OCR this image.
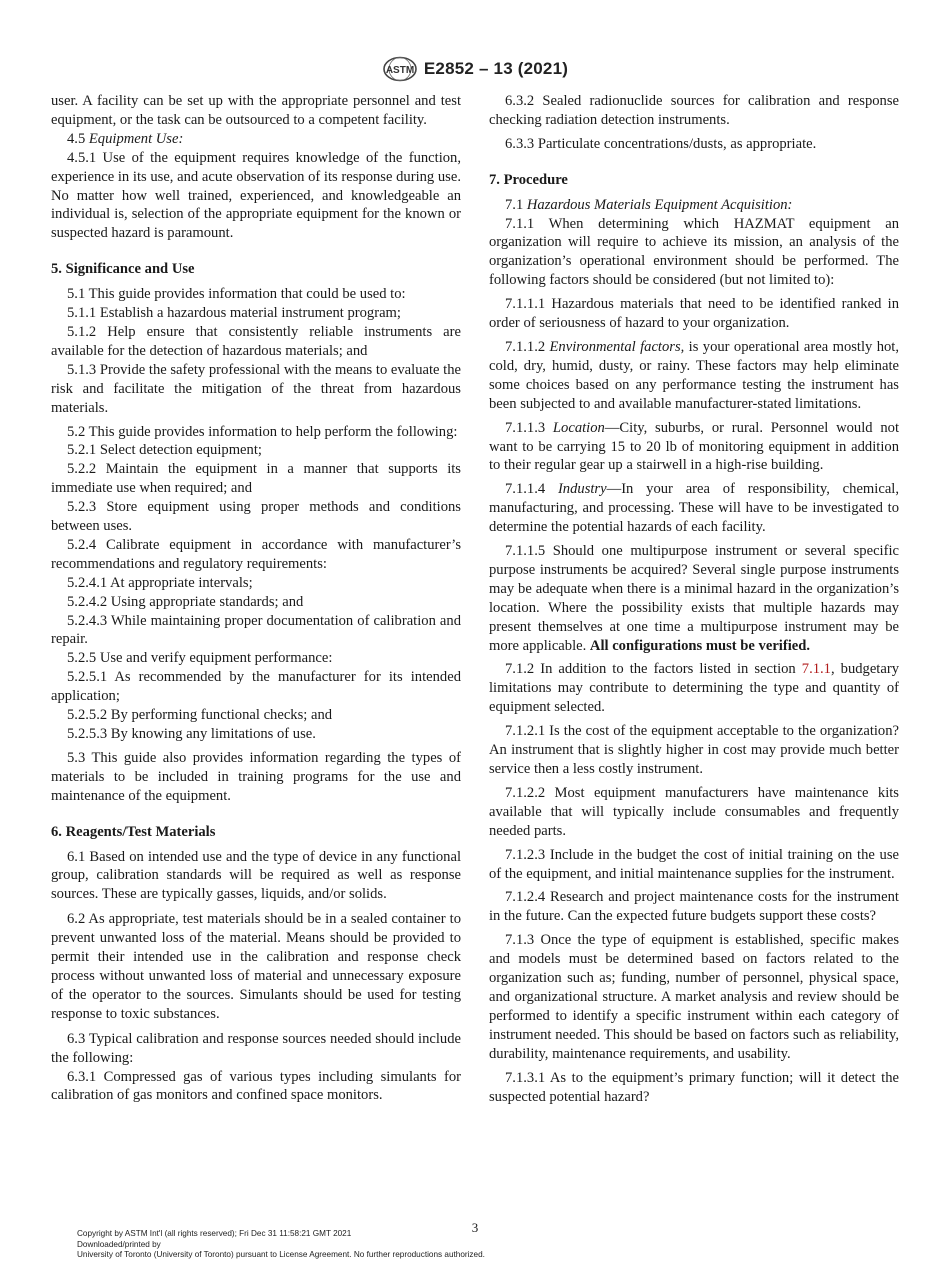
ASTM E2852 – 13 (2021)

user. A facility can be set up with the appropriate personnel and test equipment, or the task can be outsourced to a competent facility.

4.5 Equipment Use:

4.5.1 Use of the equipment requires knowledge of the function, experience in its use, and acute observation of its response during use. No matter how well trained, experienced, and knowledgeable an individual is, selection of the appropriate equipment for the known or suspected hazard is paramount.

5. Significance and Use

5.1 This guide provides information that could be used to:

5.1.1 Establish a hazardous material instrument program;

5.1.2 Help ensure that consistently reliable instruments are available for the detection of hazardous materials; and

5.1.3 Provide the safety professional with the means to evaluate the risk and facilitate the mitigation of the threat from hazardous materials.

5.2 This guide provides information to help perform the following:

5.2.1 Select detection equipment;

5.2.2 Maintain the equipment in a manner that supports its immediate use when required; and

5.2.3 Store equipment using proper methods and conditions between uses.

5.2.4 Calibrate equipment in accordance with manufacturer’s recommendations and regulatory requirements:

5.2.4.1 At appropriate intervals;

5.2.4.2 Using appropriate standards; and

5.2.4.3 While maintaining proper documentation of calibration and repair.

5.2.5 Use and verify equipment performance:

5.2.5.1 As recommended by the manufacturer for its intended application;

5.2.5.2 By performing functional checks; and

5.2.5.3 By knowing any limitations of use.

5.3 This guide also provides information regarding the types of materials to be included in training programs for the use and maintenance of the equipment.

6. Reagents/Test Materials

6.1 Based on intended use and the type of device in any functional group, calibration standards will be required as well as response sources. These are typically gasses, liquids, and/or solids.

6.2 As appropriate, test materials should be in a sealed container to prevent unwanted loss of the material. Means should be provided to permit their intended use in the calibration and response check process without unwanted loss of material and unnecessary exposure of the operator to the sources. Simulants should be used for testing response to toxic substances.

6.3 Typical calibration and response sources needed should include the following:

6.3.1 Compressed gas of various types including simulants for calibration of gas monitors and confined space monitors.

6.3.2 Sealed radionuclide sources for calibration and response checking radiation detection instruments.

6.3.3 Particulate concentrations/dusts, as appropriate.

7. Procedure

7.1 Hazardous Materials Equipment Acquisition:

7.1.1 When determining which HAZMAT equipment an organization will require to achieve its mission, an analysis of the organization’s operational environment should be performed. The following factors should be considered (but not limited to):

7.1.1.1 Hazardous materials that need to be identified ranked in order of seriousness of hazard to your organization.

7.1.1.2 Environmental factors, is your operational area mostly hot, cold, dry, humid, dusty, or rainy. These factors may help eliminate some choices based on any performance testing the instrument has been subjected to and available manufacturer-stated limitations.

7.1.1.3 Location—City, suburbs, or rural. Personnel would not want to be carrying 15 to 20 lb of monitoring equipment in addition to their regular gear up a stairwell in a high-rise building.

7.1.1.4 Industry—In your area of responsibility, chemical, manufacturing, and processing. These will have to be investigated to determine the potential hazards of each facility.

7.1.1.5 Should one multipurpose instrument or several specific purpose instruments be acquired? Several single purpose instruments may be adequate when there is a minimal hazard in the organization’s location. Where the possibility exists that multiple hazards may present themselves at one time a multipurpose instrument may be more applicable. All configurations must be verified.

7.1.2 In addition to the factors listed in section 7.1.1, budgetary limitations may contribute to determining the type and quantity of equipment selected.

7.1.2.1 Is the cost of the equipment acceptable to the organization? An instrument that is slightly higher in cost may provide much better service then a less costly instrument.

7.1.2.2 Most equipment manufacturers have maintenance kits available that will typically include consumables and frequently needed parts.

7.1.2.3 Include in the budget the cost of initial training on the use of the equipment, and initial maintenance supplies for the instrument.

7.1.2.4 Research and project maintenance costs for the instrument in the future. Can the expected future budgets support these costs?

7.1.3 Once the type of equipment is established, specific makes and models must be determined based on factors related to the organization such as; funding, number of personnel, physical space, and organizational structure. A market analysis and review should be performed to identify a specific instrument within each category of instrument needed. This should be based on factors such as reliability, durability, maintenance requirements, and usability.

7.1.3.1 As to the equipment’s primary function; will it detect the suspected potential hazard?

3
Copyright by ASTM Int'l (all rights reserved); Fri Dec 31 11:58:21 GMT 2021
Downloaded/printed by
University of Toronto (University of Toronto) pursuant to License Agreement. No further reproductions authorized.
